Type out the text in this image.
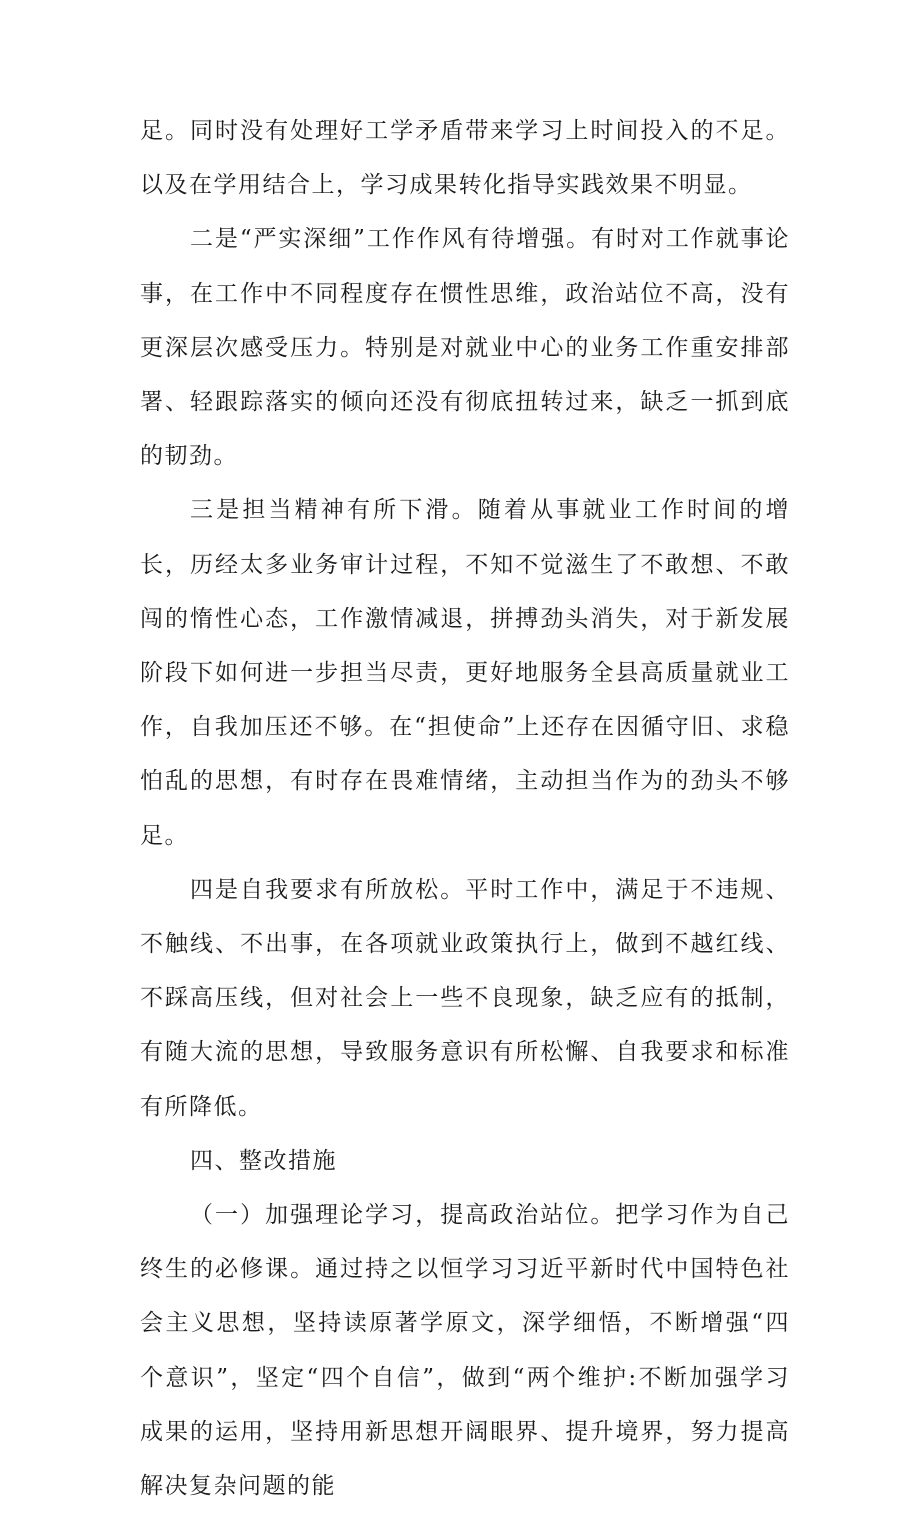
足。同时没有处理好工学矛盾带来学习上时间投入的不足。以及在学用结合上，学习成果转化指导实践效果不明显。

二是“严实深细”工作作风有待增强。有时对工作就事论事，在工作中不同程度存在惯性思维，政治站位不高，没有更深层次感受压力。特别是对就业中心的业务工作重安排部署、轻跟踪落实的倾向还没有彻底扭转过来，缺乏一抓到底的韧劲。

三是担当精神有所下滑。随着从事就业工作时间的增长，历经太多业务审计过程，不知不觉滋生了不敢想、不敢闯的惰性心态，工作激情减退，拼搏劲头消失，对于新发展阶段下如何进一步担当尽责，更好地服务全县高质量就业工作，自我加压还不够。在“担使命”上还存在因循守旧、求稳怕乱的思想，有时存在畏难情绪，主动担当作为的劲头不够足。

四是自我要求有所放松。平时工作中，满足于不违规、不触线、不出事，在各项就业政策执行上，做到不越红线、不踩高压线，但对社会上一些不良现象，缺乏应有的抵制，有随大流的思想，导致服务意识有所松懈、自我要求和标准有所降低。

四、整改措施

（一）加强理论学习，提高政治站位。把学习作为自己终生的必修课。通过持之以恒学习习近平新时代中国特色社会主义思想，坚持读原著学原文，深学细悟，不断增强“四个意识”，坚定“四个自信”，做到“两个维护:不断加强学习成果的运用，坚持用新思想开阔眼界、提升境界，努力提高解决复杂问题的能
